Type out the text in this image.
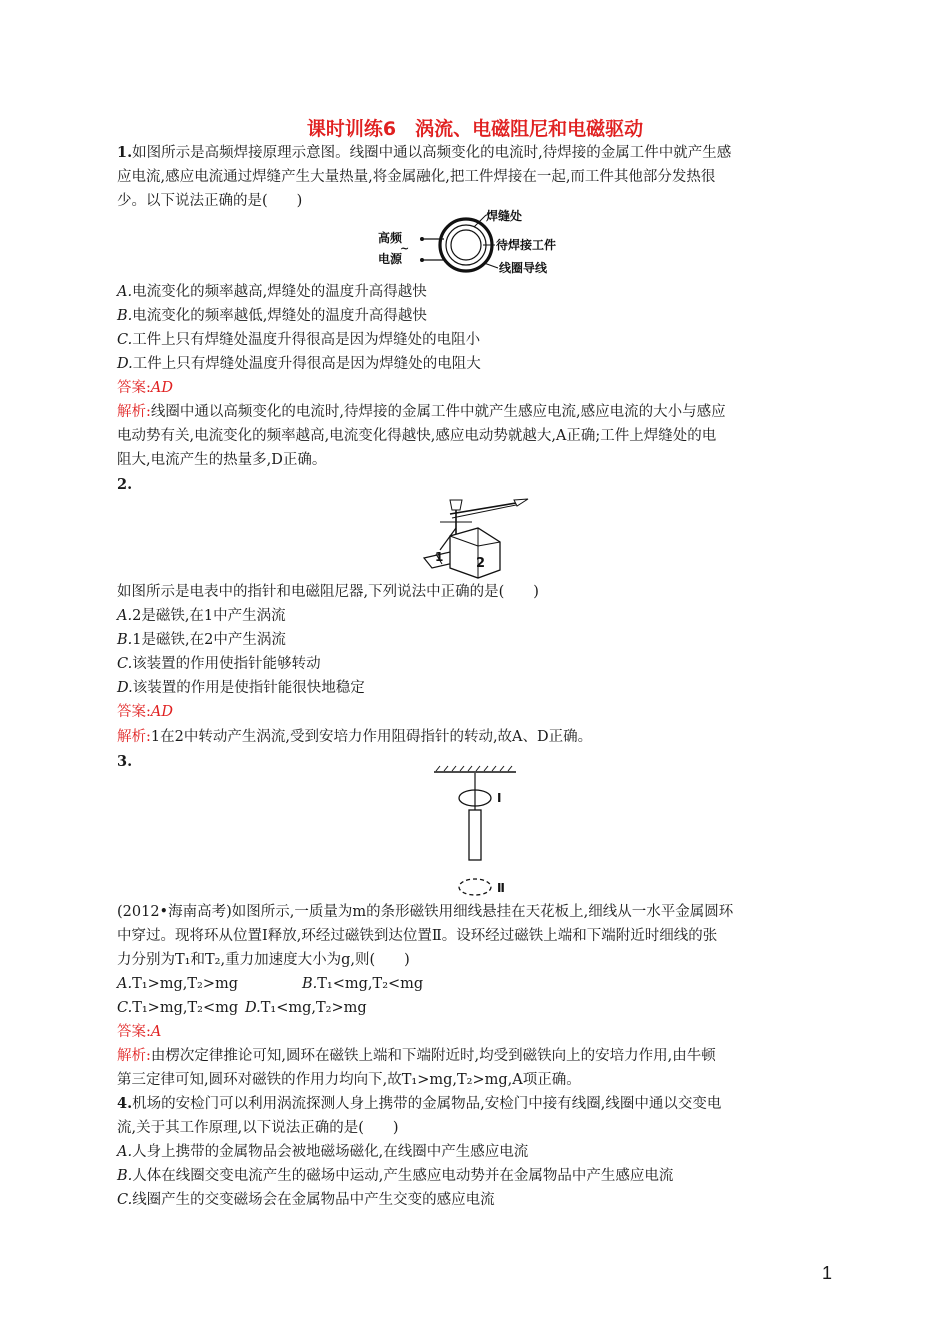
课时训练6　涡流、电磁阻尼和电磁驱动
1.如图所示是高频焊接原理示意图。线圈中通以高频变化的电流时,待焊接的金属工件中就产生感
应电流,感应电流通过焊缝产生大量热量,将金属融化,把工件焊接在一起,而工件其他部分发热很
少。以下说法正确的是(　　)
高频
~
电源
焊缝处
待焊接工件
线圈导线
A.电流变化的频率越高,焊缝处的温度升高得越快
B.电流变化的频率越低,焊缝处的温度升高得越快
C.工件上只有焊缝处温度升得很高是因为焊缝处的电阻小
D.工件上只有焊缝处温度升得很高是因为焊缝处的电阻大
答案:AD
解析:线圈中通以高频变化的电流时,待焊接的金属工件中就产生感应电流,感应电流的大小与感应
电动势有关,电流变化的频率越高,电流变化得越快,感应电动势就越大,A正确;工件上焊缝处的电
阻大,电流产生的热量多,D正确。
2.
1	2
如图所示是电表中的指针和电磁阻尼器,下列说法中正确的是(　　)
A.2是磁铁,在1中产生涡流
B.1是磁铁,在2中产生涡流
C.该装置的作用使指针能够转动
D.该装置的作用是使指针能很快地稳定
答案:AD
解析:1在2中转动产生涡流,受到安培力作用阻碍指针的转动,故A、D正确。
3.
Ⅰ
Ⅱ
(2012•海南高考)如图所示,一质量为m的条形磁铁用细线悬挂在天花板上,细线从一水平金属圆环
中穿过。现将环从位置Ⅰ释放,环经过磁铁到达位置Ⅱ。设环经过磁铁上端和下端附近时细线的张
力分别为T₁和T₂,重力加速度大小为g,则(　　)
A.T₁>mg,T₂>mg	B.T₁<mg,T₂<mg
C.T₁>mg,T₂<mg D.T₁<mg,T₂>mg
答案:A
解析:由楞次定律推论可知,圆环在磁铁上端和下端附近时,均受到磁铁向上的安培力作用,由牛顿
第三定律可知,圆环对磁铁的作用力均向下,故T₁>mg,T₂>mg,A项正确。
4.机场的安检门可以利用涡流探测人身上携带的金属物品,安检门中接有线圈,线圈中通以交变电
流,关于其工作原理,以下说法正确的是(　　)
A.人身上携带的金属物品会被地磁场磁化,在线圈中产生感应电流
B.人体在线圈交变电流产生的磁场中运动,产生感应电动势并在金属物品中产生感应电流
C.线圈产生的交变磁场会在金属物品中产生交变的感应电流
1
